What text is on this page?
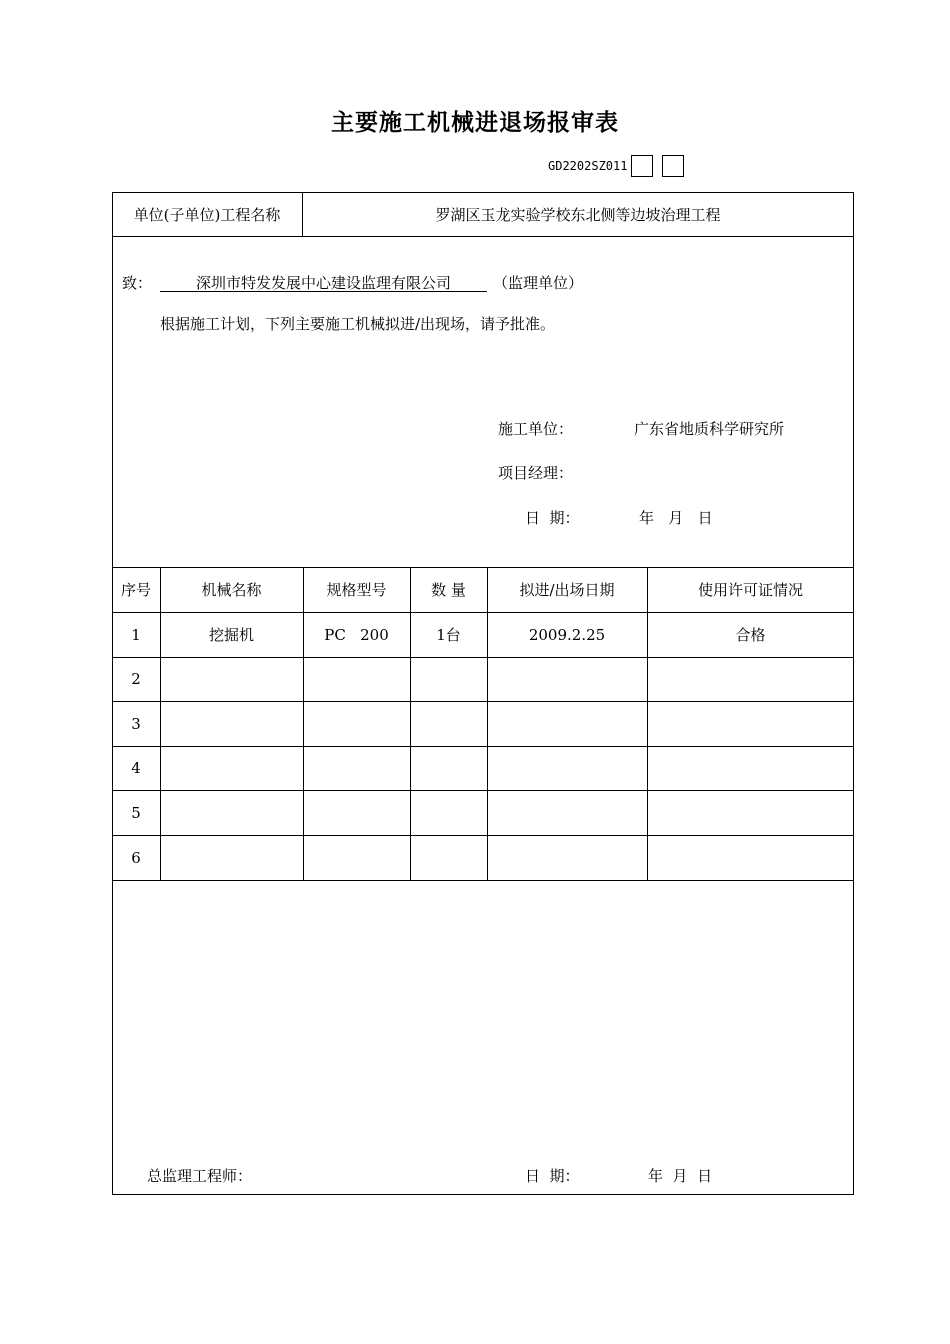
主要施工机械进退场报审表
GD2202SZ011
单位(子单位)工程名称	罗湖区玉龙实验学校东北侧等边坡治理工程
致：	深圳市特发发展中心建设监理有限公司	（监理单位）
根据施工计划，下列主要施工机械拟进/出现场，请予批准。
施工单位：	广东省地质科学研究所
项目经理：
日  期：	年   月   日
序号	机械名称	规格型号	数 量	拟进/出场日期	使用许可证情况
1	挖掘机	PC   200	1台	2009.2.25	合格
2
3
4
5
6
总监理工程师：	日  期：	年  月  日
